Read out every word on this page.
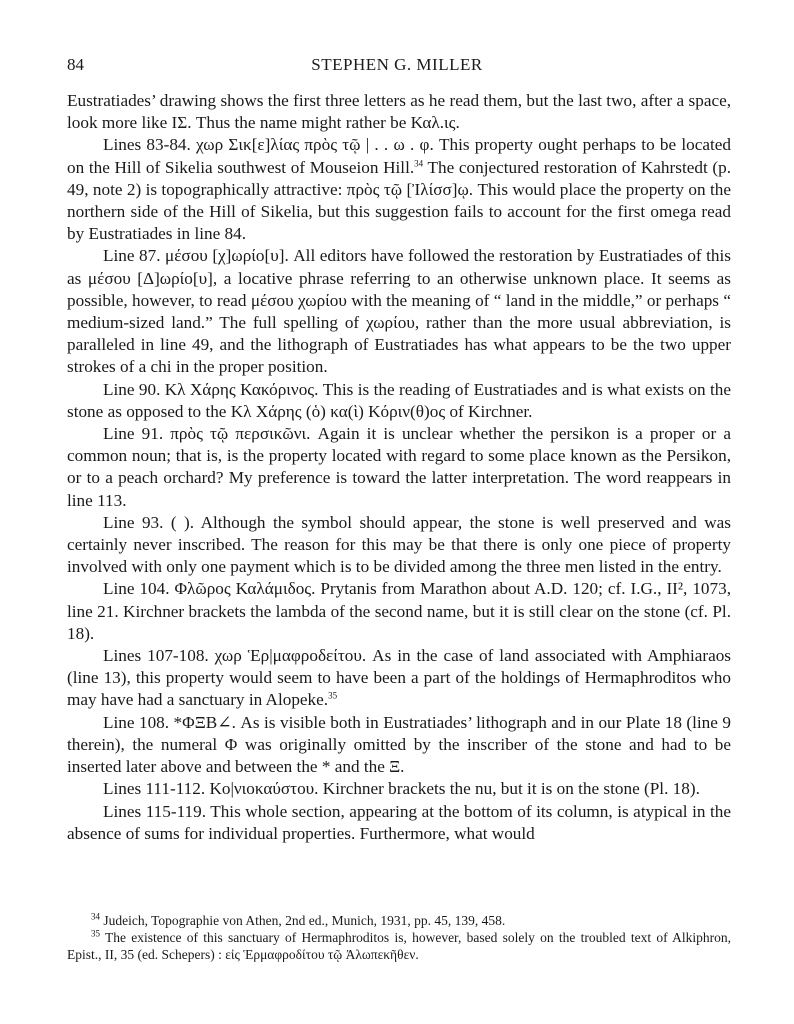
84	STEPHEN G. MILLER

Eustratiades’ drawing shows the first three letters as he read them, but the last two, after a space, look more like ΙΣ. Thus the name might rather be Καλ.ις.

Lines 83-84. χωρ Σικ[ε]λίας πρὸς τῷ | . . ω . φ. This property ought perhaps to be located on the Hill of Sikelia southwest of Mouseion Hill.$^{34}$ The conjectured restoration of Kahrstedt (p. 49, note 2) is topographically attractive: πρὸς τῷ [Ἰλίσσ]ῳ. This would place the property on the northern side of the Hill of Sikelia, but this suggestion fails to account for the first omega read by Eustratiades in line 84.

Line 87. μέσου [χ]ωρίο[υ]. All editors have followed the restoration by Eustratiades of this as μέσου [Δ]ωρίο[υ], a locative phrase referring to an otherwise unknown place. It seems as possible, however, to read μέσου χωρίου with the meaning of “ land in the middle,” or perhaps “ medium-sized land.” The full spelling of χωρίου, rather than the more usual abbreviation, is paralleled in line 49, and the lithograph of Eustratiades has what appears to be the two upper strokes of a chi in the proper position.

Line 90. Κλ Χάρης Κακόρινος. This is the reading of Eustratiades and is what exists on the stone as opposed to the Κλ Χάρης (ὁ) κα(ὶ) Κόριν(θ)ος of Kirchner.

Line 91. πρὸς τῷ περσικῶνι. Again it is unclear whether the persikon is a proper or a common noun; that is, is the property located with regard to some place known as the Persikon, or to a peach orchard? My preference is toward the latter interpretation. The word reappears in line 113.

Line 93. ( ). Although the symbol should appear, the stone is well preserved and was certainly never inscribed. The reason for this may be that there is only one piece of property involved with only one payment which is to be divided among the three men listed in the entry.

Line 104. Φλῶρος Καλάμιδος. Prytanis from Marathon about A.D. 120; cf. I.G., II², 1073, line 21. Kirchner brackets the lambda of the second name, but it is still clear on the stone (cf. Pl. 18).

Lines 107-108. χωρ Ἑρ|μαφροδείτου. As in the case of land associated with Amphiaraos (line 13), this property would seem to have been a part of the holdings of Hermaphroditos who may have had a sanctuary in Alopeke.$^{35}$

Line 108. *ΦΞΒ∠. As is visible both in Eustratiades’ lithograph and in our Plate 18 (line 9 therein), the numeral Φ was originally omitted by the inscriber of the stone and had to be inserted later above and between the * and the Ξ.

Lines 111-112. Κο|νιοκαύστου. Kirchner brackets the nu, but it is on the stone (Pl. 18).

Lines 115-119. This whole section, appearing at the bottom of its column, is atypical in the absence of sums for individual properties. Furthermore, what would

$^{34}$ Judeich, Topographie von Athen, 2nd ed., Munich, 1931, pp. 45, 139, 458.

$^{35}$ The existence of this sanctuary of Hermaphroditos is, however, based solely on the troubled text of Alkiphron, Epist., II, 35 (ed. Schepers) : εἰς Ἑρμαφροδίτου τῷ Ἀλωπεκῆθεν.
